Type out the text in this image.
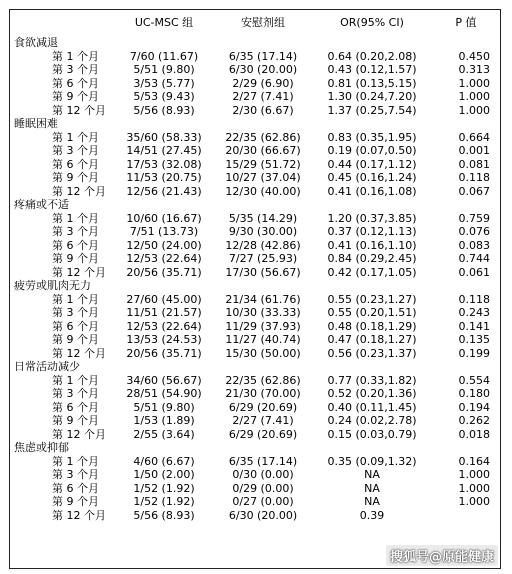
	UC-MSC 组	安慰剂组	OR(95% CI)	P 值
食欲减退				
第 1 个月	7/60 (11.67)	6/35 (17.14)	0.64 (0.20,2.08)	0.450
第 3 个月	5/51 (9.80)	6/30 (20.00)	0.43 (0.12,1.57)	0.313
第 6 个月	3/53 (5.77)	2/29 (6.90)	0.81 (0.13,5.15)	1.000
第 9 个月	5/53 (9.43)	2/27 (7.41)	1.30 (0.24,7.20)	1.000
第 12 个月	5/56 (8.93)	2/30 (6.67)	1.37 (0.25,7.54)	1.000
睡眠困难				
第 1 个月	35/60 (58.33)	22/35 (62.86)	0.83 (0.35,1.95)	0.664
第 3 个月	14/51 (27.45)	20/30 (66.67)	0.19 (0.07,0.50)	0.001
第 6 个月	17/53 (32.08)	15/29 (51.72)	0.44 (0.17,1.12)	0.081
第 9 个月	11/53 (20.75)	10/27 (37.04)	0.45 (0.16,1.24)	0.118
第 12 个月	12/56 (21.43)	12/30 (40.00)	0.41 (0.16,1.08)	0.067
疼痛或不适				
第 1 个月	10/60 (16.67)	5/35 (14.29)	1.20 (0.37,3.85)	0.759
第 3 个月	7/51 (13.73)	9/30 (30.00)	0.37 (0.12,1.13)	0.076
第 6 个月	12/50 (24.00)	12/28 (42.86)	0.41 (0.16,1.10)	0.083
第 9 个月	12/53 (22.64)	7/27 (25.93)	0.84 (0.29,2.45)	0.744
第 12 个月	20/56 (35.71)	17/30 (56.67)	0.42 (0.17,1.05)	0.061
疲劳或肌肉无力				
第 1 个月	27/60 (45.00)	21/34 (61.76)	0.55 (0.23,1.27)	0.118
第 3 个月	11/51 (21.57)	10/30 (33.33)	0.55 (0.20,1.51)	0.243
第 6 个月	12/53 (22.64)	11/29 (37.93)	0.48 (0.18,1.29)	0.141
第 9 个月	13/53 (24.53)	11/27 (40.74)	0.47 (0.18,1.27)	0.135
第 12 个月	20/56 (35.71)	15/30 (50.00)	0.56 (0.23,1.37)	0.199
日常活动减少				
第 1 个月	34/60 (56.67)	22/35 (62.86)	0.77 (0.33,1.82)	0.554
第 3 个月	28/51 (54.90)	21/30 (70.00)	0.52 (0.20,1.36)	0.180
第 6 个月	5/51 (9.80)	6/29 (20.69)	0.40 (0.11,1.45)	0.194
第 9 个月	1/53 (1.89)	2/27 (7.41)	0.24 (0.02,2.78)	0.262
第 12 个月	2/55 (3.64)	6/29 (20.69)	0.15 (0.03,0.79)	0.018
焦虑或抑郁				
第 1 个月	4/60 (6.67)	6/35 (17.14)	0.35 (0.09,1.32)	0.164
第 3 个月	1/50 (2.00)	0/30 (0.00)	NA	1.000
第 6 个月	1/52 (1.92)	0/29 (0.00)	NA	1.000
第 9 个月	1/52 (1.92)	0/27 (0.00)	NA	1.000
第 12 个月	5/56 (8.93)	6/30 (20.00)	0.39	
搜狐号@原能健康
